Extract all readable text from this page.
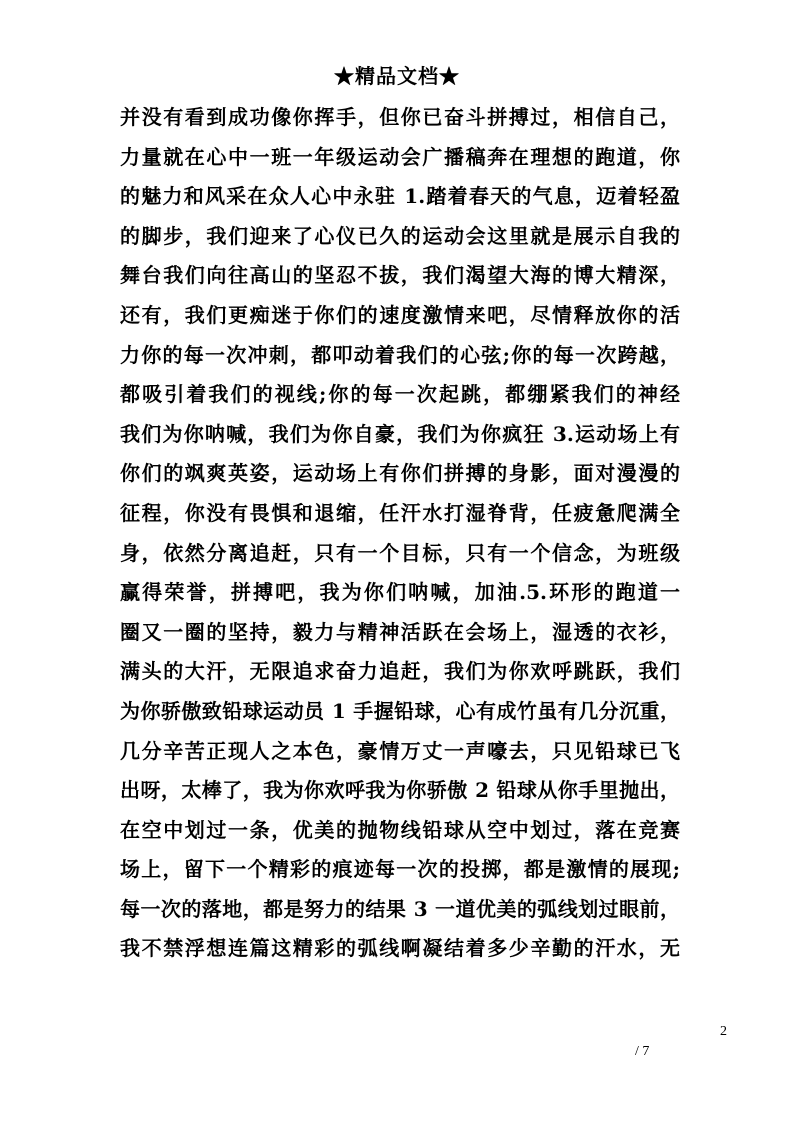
★精品文档★
并没有看到成功像你挥手，但你已奋斗拼搏过，相信自己，
力量就在心中一班一年级运动会广播稿奔在理想的跑道，你
的魅力和风采在众人心中永驻 1.踏着春天的气息，迈着轻盈
的脚步，我们迎来了心仪已久的运动会这里就是展示自我的
舞台我们向往高山的坚忍不拔，我们渴望大海的博大精深，
还有，我们更痴迷于你们的速度激情来吧，尽情释放你的活
力你的每一次冲刺，都叩动着我们的心弦;你的每一次跨越，
都吸引着我们的视线;你的每一次起跳，都绷紧我们的神经
我们为你呐喊，我们为你自豪，我们为你疯狂 3.运动场上有
你们的飒爽英姿，运动场上有你们拼搏的身影，面对漫漫的
征程，你没有畏惧和退缩，任汗水打湿脊背，任疲惫爬满全
身，依然分离追赶，只有一个目标，只有一个信念，为班级
赢得荣誉，拼搏吧，我为你们呐喊，加油.5.环形的跑道一
圈又一圈的坚持，毅力与精神活跃在会场上，湿透的衣衫，
满头的大汗，无限追求奋力追赶，我们为你欢呼跳跃，我们
为你骄傲致铅球运动员 1 手握铅球，心有成竹虽有几分沉重，
几分辛苦正现人之本色，豪情万丈一声嚎去，只见铅球已飞
出呀，太棒了，我为你欢呼我为你骄傲 2 铅球从你手里抛出，
在空中划过一条，优美的抛物线铅球从空中划过，落在竞赛
场上，留下一个精彩的痕迹每一次的投掷，都是激情的展现;
每一次的落地，都是努力的结果 3 一道优美的弧线划过眼前，
我不禁浮想连篇这精彩的弧线啊凝结着多少辛勤的汗水，无
2
/ 7
